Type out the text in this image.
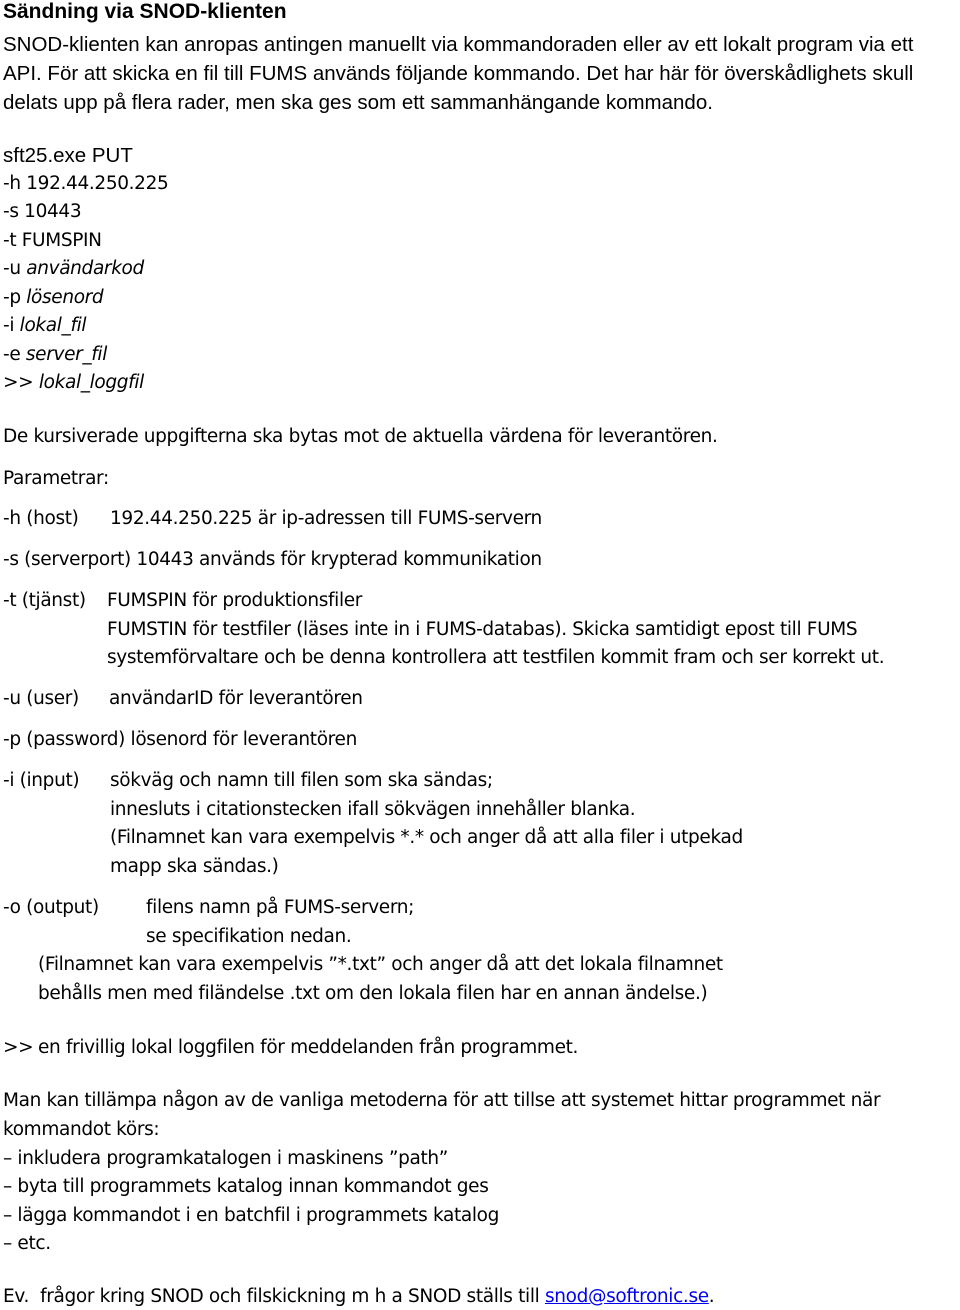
Sändning via SNOD-klienten
SNOD-klienten kan anropas antingen manuellt via kommandoraden eller av ett lokalt program via ett
API. För att skicka en fil till FUMS används följande kommando. Det har här för överskådlighets skull
delats upp på flera rader, men ska ges som ett sammanhängande kommando.
sft25.exe PUT
-h 192.44.250.225
-s 10443
-t FUMSPIN
-u användarkod
-p lösenord
-i lokal_fil
-e server_fil
>> lokal_loggfil
De kursiverade uppgifterna ska bytas mot de aktuella värdena för leverantören.
Parametrar:
-h (host) 192.44.250.225 är ip-adressen till FUMS-servern
-s (serverport) 10443 används för krypterad kommunikation
-t (tjänst) FUMSPIN för produktionsfiler
FUMSTIN för testfiler (läses inte in i FUMS-databas). Skicka samtidigt epost till FUMS
systemförvaltare och be denna kontrollera att testfilen kommit fram och ser korrekt ut.
-u (user) användarID för leverantören
-p (password) lösenord för leverantören
-i (input) sökväg och namn till filen som ska sändas;
innesluts i citationstecken ifall sökvägen innehåller blanka.
(Filnamnet kan vara exempelvis *.* och anger då att alla filer i utpekad
mapp ska sändas.)
-o (output)	filens namn på FUMS-servern;
se specifikation nedan.
(Filnamnet kan vara exempelvis ”*.txt” och anger då att det lokala filnamnet
behålls men med filändelse .txt om den lokala filen har en annan ändelse.)
>> en frivillig lokal loggfilen för meddelanden från programmet.
Man kan tillämpa någon av de vanliga metoderna för att tillse att systemet hittar programmet när
kommandot körs:
– inkludera programkatalogen i maskinens ”path”
– byta till programmets katalog innan kommandot ges
– lägga kommandot i en batchfil i programmets katalog
– etc.
Ev.  frågor kring SNOD och filskickning m h a SNOD ställs till snod@softronic.se.
